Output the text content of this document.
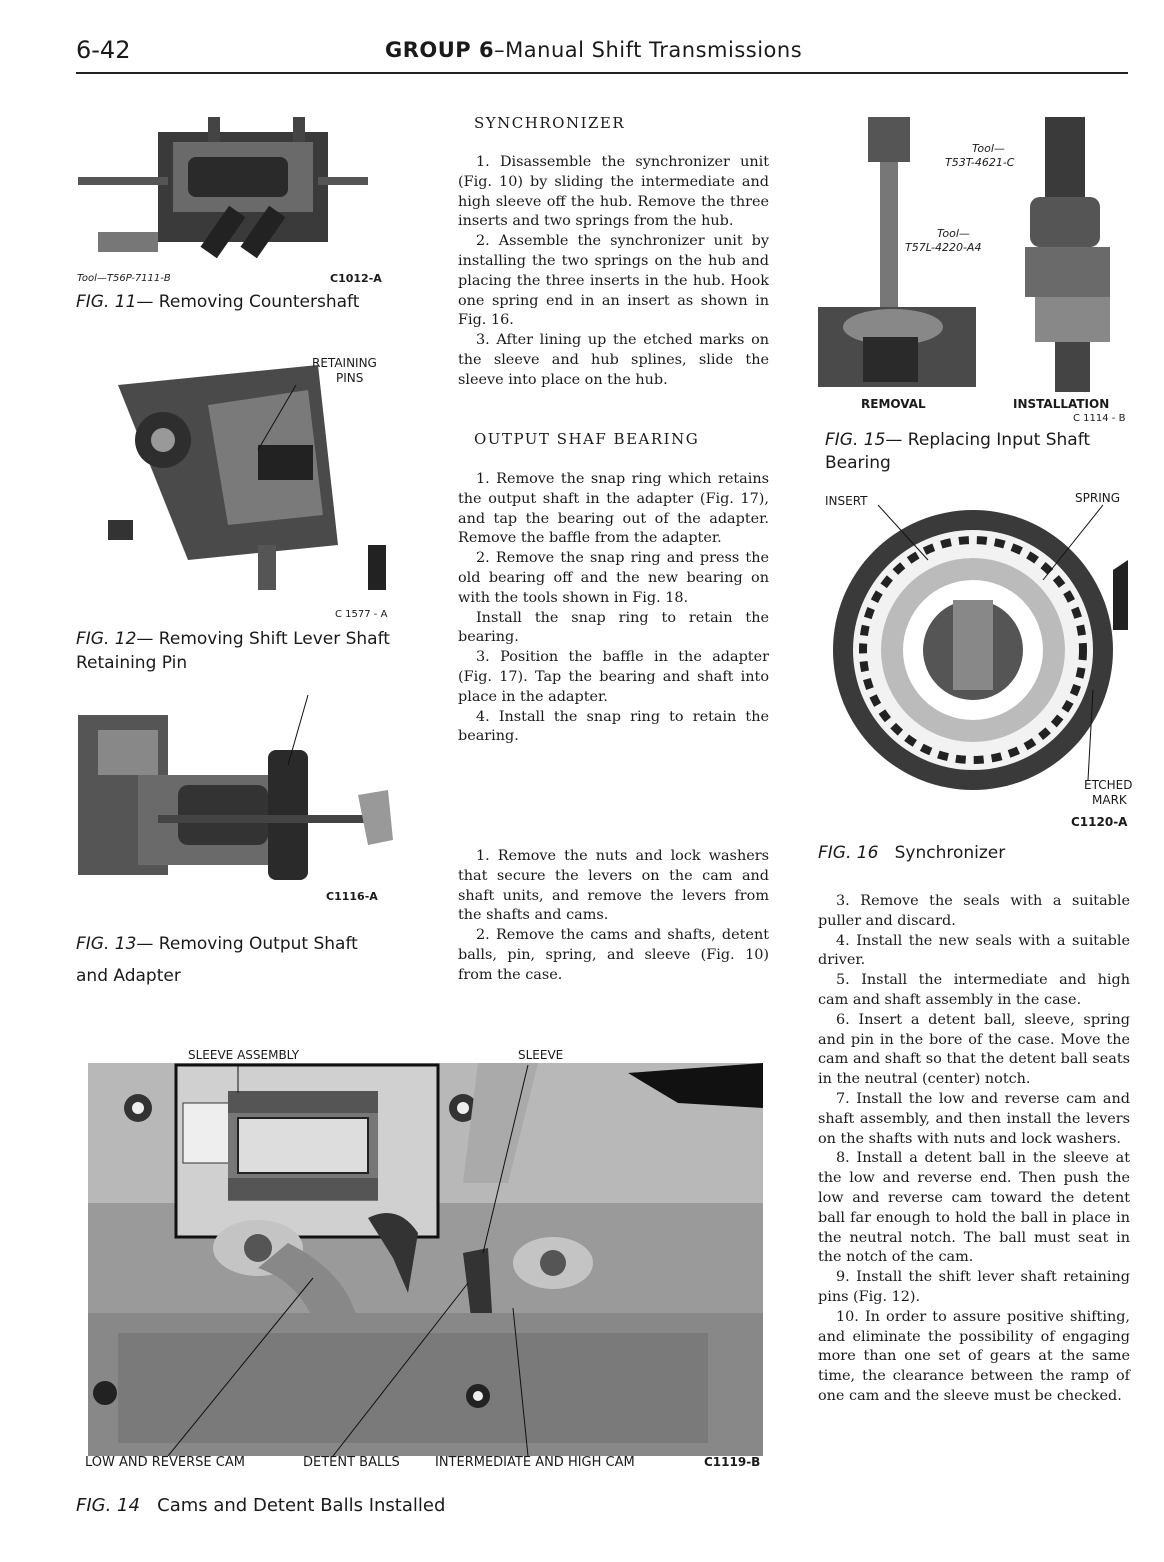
6-42	GROUP 6–Manual Shift Transmissions
Tool—T56P-7111-B	C1012-A
FIG. 11— Removing Countershaft
RETAINING
PINS
C 1577 - A
FIG. 12— Removing Shift Lever Shaft
Retaining Pin
C1116-A
FIG. 13— Removing Output Shaft
and Adapter
SYNCHRONIZER

1. Disassemble the synchronizer unit (Fig. 10) by sliding the intermediate and high sleeve off the hub. Remove the three inserts and two springs from the hub.

2. Assemble the synchronizer unit by installing the two springs on the hub and placing the three inserts in the hub. Hook one spring end in an insert as shown in Fig. 16.

3. After lining up the etched marks on the sleeve and hub splines, slide the sleeve into place on the hub.

OUTPUT SHAF BEARING

1. Remove the snap ring which retains the output shaft in the adapter (Fig. 17), and tap the bearing out of the adapter. Remove the baffle from the adapter.

2. Remove the snap ring and press the old bearing off and the new bearing on with the tools shown in Fig. 18.

Install the snap ring to retain the bearing.

3. Position the baffle in the adapter (Fig. 17). Tap the bearing and shaft into place in the adapter.

4. Install the snap ring to retain the bearing.

1. Remove the nuts and lock washers that secure the levers on the cam and shaft units, and remove the levers from the shafts and cams.

2. Remove the cams and shafts, detent balls, pin, spring, and sleeve (Fig. 10) from the case.

Tool—
T53T-4621-C
Tool—
T57L-4220-A4
REMOVAL	INSTALLATION
C 1114 - B
FIG. 15— Replacing Input Shaft
Bearing
INSERT	SPRING
ETCHED
MARK
C1120-A
FIG. 16 Synchronizer

3. Remove the seals with a suitable puller and discard.

4. Install the new seals with a suitable driver.

5. Install the intermediate and high cam and shaft assembly in the case.

6. Insert a detent ball, sleeve, spring and pin in the bore of the case. Move the cam and shaft so that the detent ball seats in the neutral (center) notch.

7. Install the low and reverse cam and shaft assembly, and then install the levers on the shafts with nuts and lock washers.

8. Install a detent ball in the sleeve at the low and reverse end. Then push the low and reverse cam toward the detent ball far enough to hold the ball in place in the neutral notch. The ball must seat in the notch of the cam.

9. Install the shift lever shaft retaining pins (Fig. 12).

10. In order to assure positive shifting, and eliminate the possibility of engaging more than one set of gears at the same time, the clearance between the ramp of one cam and the sleeve must be checked.

SLEEVE ASSEMBLY	SLEEVE
LOW AND REVERSE CAM	DETENT BALLS	INTERMEDIATE AND HIGH CAM	C1119-B
FIG. 14 Cams and Detent Balls Installed
